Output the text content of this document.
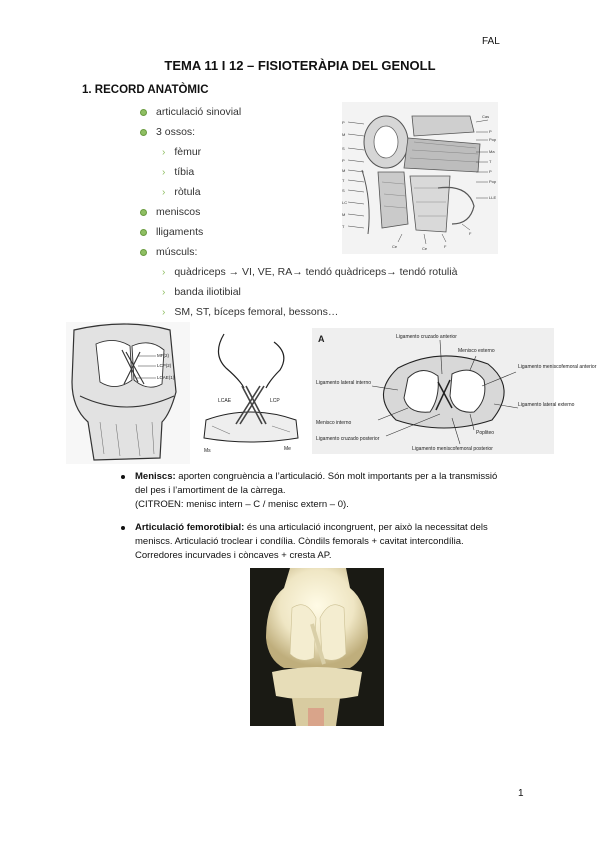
FAL
TEMA 11 I 12 – FISIOTERÀPIA DEL GENOLL
1. RECORD ANATÒMIC
articulació sinovial
3 ossos:
› fèmur
› tíbia
› ròtula
meniscos
lligaments
músculs:
› quàdriceps → VI, VE, RA→ tendó quàdriceps→ tendó rotulià
› banda iliotibial
› SM, ST, bíceps femoral, bessons…
P
M
S
P
M
T
S
LC
M
T
Cas
P
Pop
Ma
T
P
Pop
LLE
F
F
Ce
Ce
MF(2)
LCP(2)
LCAE(1)
LCAE	LCP
Ms	Me
A	Ligamento cruzado anterior
Menisco externo
Ligamento meniscofemoral anterior
Ligamento lateral interno
Ligamento lateral externo
Menisco interno
Ligamento cruzado posterior
Popliteo
Ligamento meniscofemoral posterior
Meniscs: aporten congruència a l’articulació. Són molt importants per a la transmissió
del pes i l’amortiment de la càrrega.
(CITROEN: menisc intern – C / menisc extern – 0).
Articulació femorotibial: és una articulació incongruent, per això la necessitat dels
meniscs. Articulació troclear i condília. Còndils femorals + cavitat intercondília.
Corredores incurvades i còncaves + cresta AP.
1
